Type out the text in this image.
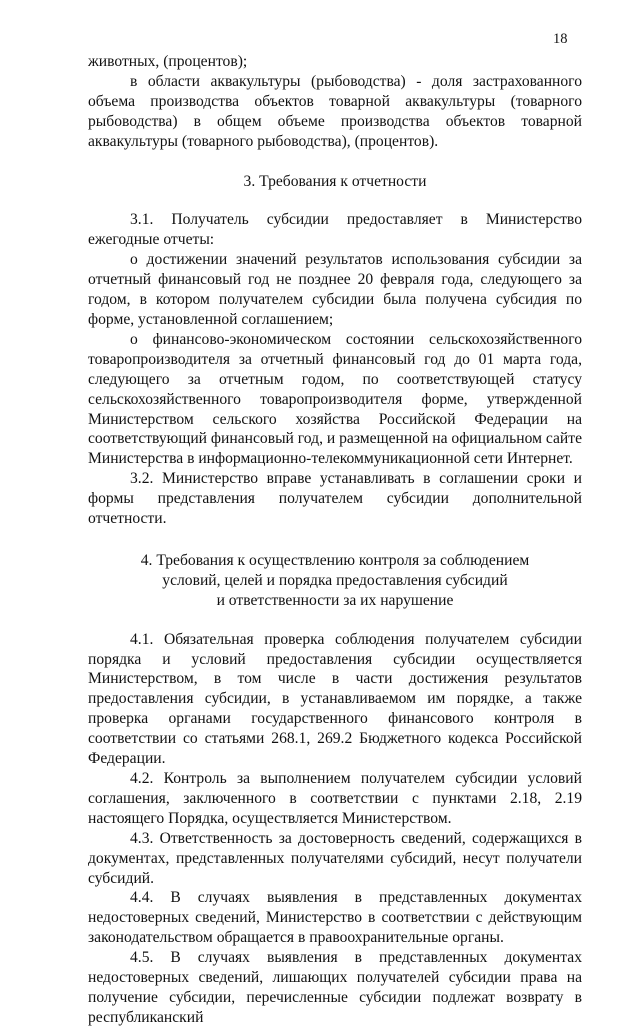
18

животных, (процентов);

в области аквакультуры (рыбоводства) - доля застрахованного объема производства объектов товарной аквакультуры (товарного рыбоводства) в общем объеме производства объектов товарной аквакультуры (товарного рыбоводства), (процентов).

3. Требования к отчетности

3.1. Получатель субсидии предоставляет в Министерство ежегодные отчеты:

о достижении значений результатов использования субсидии за отчетный финансовый год не позднее 20 февраля года, следующего за годом, в котором получателем субсидии была получена субсидия по форме, установленной соглашением;

о финансово-экономическом состоянии сельскохозяйственного товаропроизводителя за отчетный финансовый год до 01 марта года, следующего за отчетным годом, по соответствующей статусу сельскохозяйственного товаропроизводителя форме, утвержденной Министерством сельского хозяйства Российской Федерации на соответствующий финансовый год, и размещенной на официальном сайте Министерства в информационно-телекоммуникационной сети Интернет.

3.2. Министерство вправе устанавливать в соглашении сроки и формы представления получателем субсидии дополнительной отчетности.

4. Требования к осуществлению контроля за соблюдением
условий, целей и порядка предоставления субсидий
и ответственности за их нарушение

4.1. Обязательная проверка соблюдения получателем субсидии порядка и условий предоставления субсидии осуществляется Министерством, в том числе в части достижения результатов предоставления субсидии, в устанавливаемом им порядке, а также проверка органами государственного финансового контроля в соответствии со статьями 268.1, 269.2 Бюджетного кодекса Российской Федерации.

4.2. Контроль за выполнением получателем субсидии условий соглашения, заключенного в соответствии с пунктами 2.18, 2.19 настоящего Порядка, осуществляется Министерством.

4.3. Ответственность за достоверность сведений, содержащихся в документах, представленных получателями субсидий, несут получатели субсидий.

4.4. В случаях выявления в представленных документах недостоверных сведений, Министерство в соответствии с действующим законодательством обращается в правоохранительные органы.

4.5. В случаях выявления в представленных документах недостоверных сведений, лишающих получателей субсидии права на получение субсидии, перечисленные субсидии подлежат возврату в республиканский
